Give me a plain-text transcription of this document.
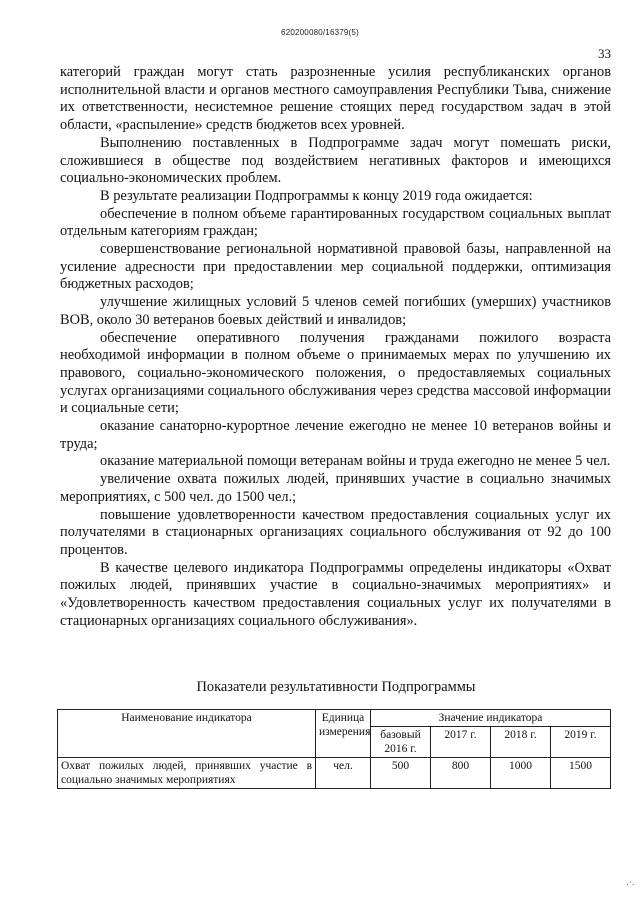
620200080/16379(5)
33

категорий граждан могут стать разрозненные усилия республиканских органов исполнительной власти и органов местного самоуправления Республики Тыва, снижение их ответственности, несистемное решение стоящих перед государством задач в этой области, «распыление» средств бюджетов всех уровней.

Выполнению поставленных в Подпрограмме задач могут помешать риски, сложившиеся в обществе под воздействием негативных факторов и имеющихся социально-экономических проблем.

В результате реализации Подпрограммы к концу 2019 года ожидается:

обеспечение в полном объеме гарантированных государством социальных выплат отдельным категориям граждан;

совершенствование региональной нормативной правовой базы, направленной на усиление адресности при предоставлении мер социальной поддержки, оптимизация бюджетных расходов;

улучшение жилищных условий 5 членов семей погибших (умерших) участников ВОВ, около 30 ветеранов боевых действий и инвалидов;

обеспечение оперативного получения гражданами пожилого возраста необходимой информации в полном объеме о принимаемых мерах по улучшению их правового, социально-экономического положения, о предоставляемых социальных услугах организациями социального обслуживания через средства массовой информации и социальные сети;

оказание санаторно-курортное лечение ежегодно не менее 10 ветеранов войны и труда;

оказание материальной помощи ветеранам войны и труда ежегодно не менее 5 чел.

увеличение охвата пожилых людей, принявших участие в социально значимых мероприятиях, с 500 чел. до 1500 чел.;

повышение удовлетворенности качеством предоставления социальных услуг их получателями в стационарных организациях социального обслуживания от 92 до 100 процентов.

В качестве целевого индикатора Подпрограммы определены индикаторы «Охват пожилых людей, принявших участие в социально-значимых мероприятиях» и «Удовлетворенность качеством предоставления социальных услуг их получателями в стационарных организациях социального обслуживания».

Показатели результативности Подпрограммы
Наименование индикатора	Единица измерения	Значение индикатора			
		базовый 2016 г.	2017 г.	2018 г.	2019 г.
Охват пожилых людей, принявших участие в социально значимых мероприятиях	чел.	500	800	1000	1500
.·.
